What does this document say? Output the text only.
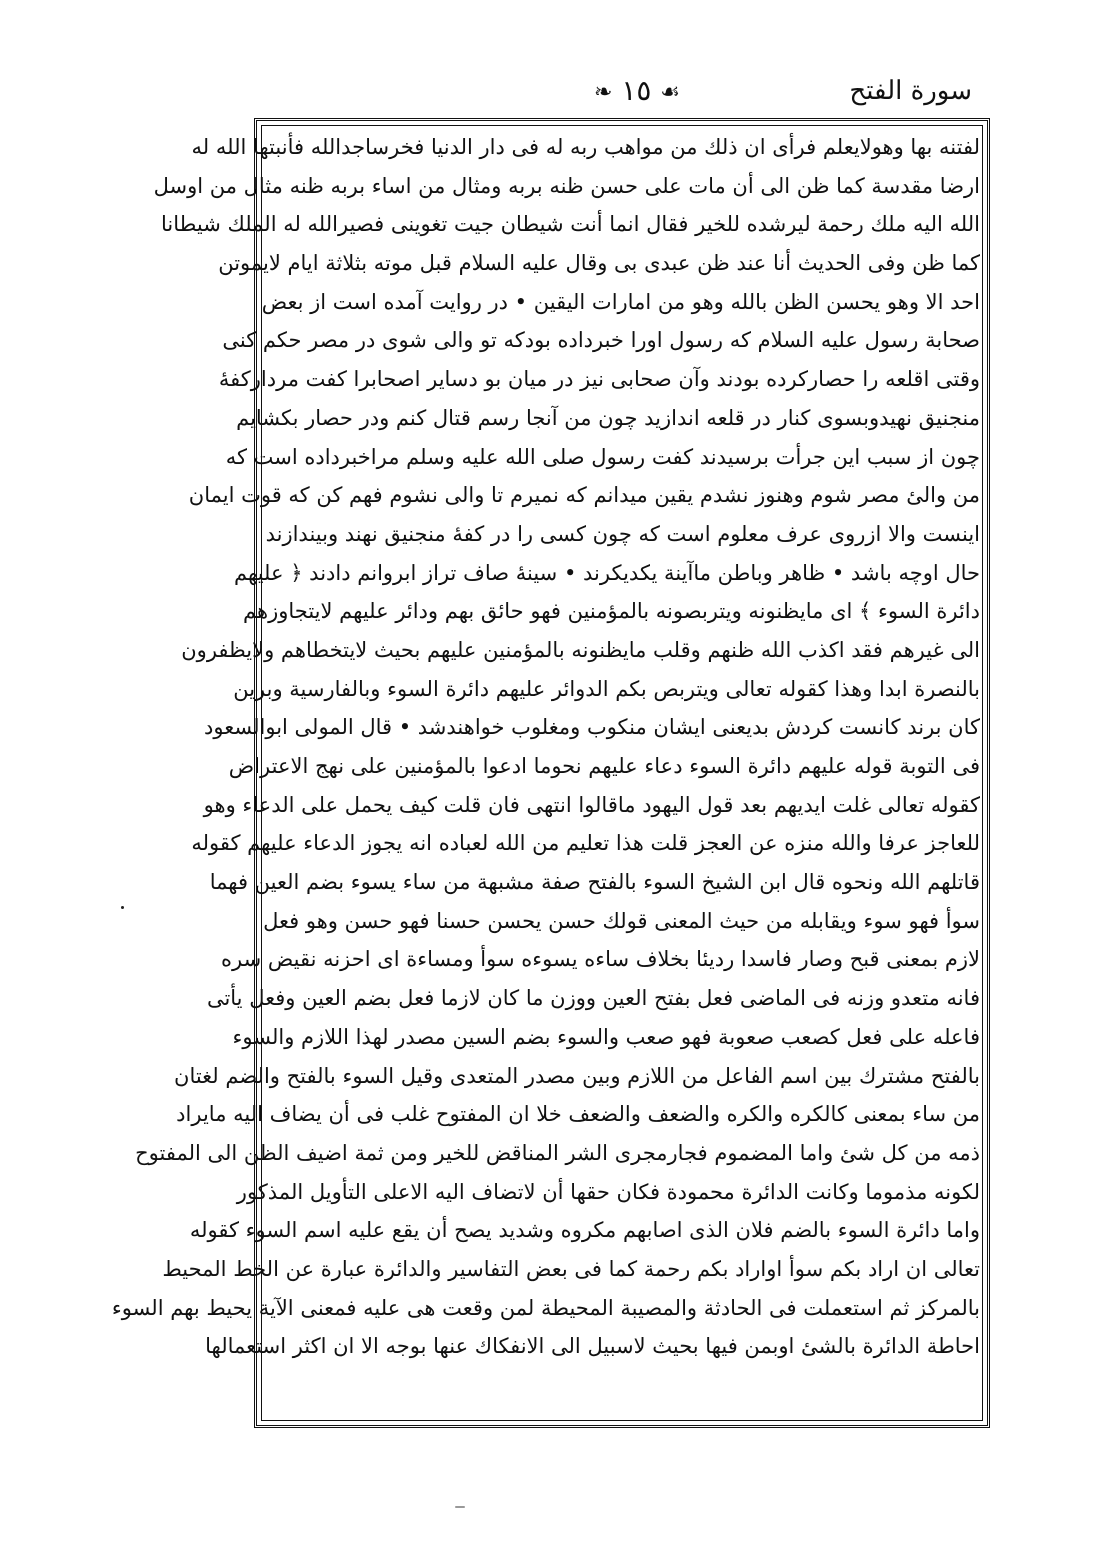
سورة الفتح
❧ ١٥ ☙
لفتنه بها وهولايعلم فرأى ان ذلك من مواهب ربه له فى دار الدنيا فخرساجدالله فأنبتها الله له
ارضا مقدسة كما ظن الى أن مات على حسن ظنه بربه ومثال من اساء بربه ظنه مثال من اوسل
الله اليه ملك رحمة ليرشده للخير فقال انما أنت شيطان جيت تغوينى فصيرالله له الملك شيطانا
كما ظن وفى الحديث أنا عند ظن عبدى بى وقال عليه السلام قبل موته بثلاثة ايام لايموتن
احد الا وهو يحسن الظن بالله وهو من امارات اليقين • در روايت آمده است از بعض
صحابة رسول عليه السلام كه رسول اورا خبرداده بودكه تو والى شوى در مصر حكم كنى
وقتى اقلعه را حصاركرده بودند وآن صحابى نيز در ميان بو دساير اصحابرا كفت مرداركفهٔ
منجنيق نهيدوبسوى كنار در قلعه اندازيد چون من آنجا رسم قتال كنم ودر حصار بكشايم
چون از سبب اين جرأت برسيدند كفت رسول صلى الله عليه وسلم مراخبرداده است كه
من والئ مصر شوم وهنوز نشدم يقين ميدانم كه نميرم تا والى نشوم فهم كن كه قوت ايمان
اينست والا ازروى عرف معلوم است كه چون كسى را در كفهٔ منجنيق نهند وبيندازند
حال اوچه باشد • ظاهر وباطن ماآينة يكديكرند • سينهٔ صاف تراز ابروانم دادند ﴿ عليهم
دائرة السوء ﴾ اى مايظنونه ويتربصونه بالمؤمنين فهو حائق بهم ودائر عليهم لايتجاوزهم
الى غيرهم فقد اكذب الله ظنهم وقلب مايظنونه بالمؤمنين عليهم بحيث لايتخطاهم ولايظفرون
بالنصرة ابدا وهذا كقوله تعالى ويتربص بكم الدوائر عليهم دائرة السوء وبالفارسية وبرين
كان برند كانست كردش بديعنى ايشان منكوب ومغلوب خواهندشد • قال المولى ابوالسعود
فى التوبة قوله عليهم دائرة السوء دعاء عليهم نحوما ادعوا بالمؤمنين على نهج الاعتراض
كقوله تعالى غلت ايديهم بعد قول اليهود ماقالوا انتهى فان قلت كيف يحمل على الدعاء وهو
للعاجز عرفا والله منزه عن العجز قلت هذا تعليم من الله لعباده انه يجوز الدعاء عليهم كقوله
قاتلهم الله ونحوه قال ابن الشيخ السوء بالفتح صفة مشبهة من ساء يسوء بضم العين فهما
سوأ فهو سوء ويقابله من حيث المعنى قولك حسن يحسن حسنا فهو حسن وهو فعل
لازم بمعنى قبح وصار فاسدا رديئا بخلاف ساءه يسوءه سوأ ومساءة اى احزنه نقيض سره
فانه متعدو وزنه فى الماضى فعل بفتح العين ووزن ما كان لازما فعل بضم العين وفعل يأتى
فاعله على فعل كصعب صعوبة فهو صعب والسوء بضم السين مصدر لهذا اللازم والسوء
بالفتح مشترك بين اسم الفاعل من اللازم وبين مصدر المتعدى وقيل السوء بالفتح والضم لغتان
من ساء بمعنى كالكره والكره والضعف والضعف خلا ان المفتوح غلب فى أن يضاف اليه مايراد
ذمه من كل شئ واما المضموم فجارمجرى الشر المناقض للخير ومن ثمة اضيف الظن الى المفتوح
لكونه مذموما وكانت الدائرة محمودة فكان حقها أن لاتضاف اليه الاعلى التأويل المذكور
واما دائرة السوء بالضم فلان الذى اصابهم مكروه وشديد يصح أن يقع عليه اسم السوء كقوله
تعالى ان اراد بكم سوأ اواراد بكم رحمة كما فى بعض التفاسير والدائرة عبارة عن الخط المحيط
بالمركز ثم استعملت فى الحادثة والمصيبة المحيطة لمن وقعت هى عليه فمعنى الآية يحيط بهم السوء
احاطة الدائرة بالشئ اوبمن فيها بحيث لاسبيل الى الانفكاك عنها بوجه الا ان اكثر استعمالها
